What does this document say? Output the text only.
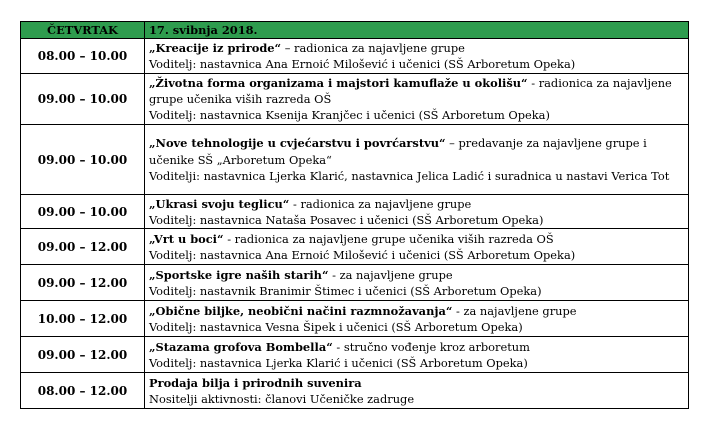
ČETVRTAK	17. svibnja 2018.
08.00 – 10.00	„Kreacije iz prirode“ – radionica za najavljene grupe
Voditelj: nastavnica Ana Ernoić Milošević i učenici (SŠ Arboretum Opeka)

09.00 – 10.00	„Životna forma organizama i majstori kamuflaže u okolišu“ - radionica za najavljene grupe učenika viših razreda OŠ
Voditelj: nastavnica Ksenija Kranjčec i učenici (SŠ Arboretum Opeka)

09.00 – 10.00	„Nove tehnologije u cvjećarstvu i povrćarstvu“ – predavanje za najavljene grupe i učenike SŠ „Arboretum Opeka“
Voditelji: nastavnica Ljerka Klarić, nastavnica Jelica Ladić i suradnica u nastavi Verica Tot

09.00 – 10.00	„Ukrasi svoju teglicu“ - radionica za najavljene grupe
Voditelj: nastavnica Nataša Posavec i učenici (SŠ Arboretum Opeka)

09.00 – 12.00	„Vrt u boci“ - radionica za najavljene grupe učenika viših razreda OŠ
Voditelj: nastavnica Ana Ernoić Milošević i učenici (SŠ Arboretum Opeka)

09.00 – 12.00	„Sportske igre naših starih“ - za najavljene grupe
Voditelj: nastavnik Branimir Štimec i učenici (SŠ Arboretum Opeka)

10.00 – 12.00	„Obične biljke, neobični načini razmnožavanja“ - za najavljene grupe
Voditelj: nastavnica Vesna Šipek i učenici (SŠ Arboretum Opeka)

09.00 – 12.00	„Stazama grofova Bombella“ - stručno vođenje kroz arboretum
Voditelj: nastavnica Ljerka Klarić i učenici (SŠ Arboretum Opeka)

08.00 – 12.00	Prodaja bilja i prirodnih suvenira
Nositelji aktivnosti: članovi Učeničke zadruge
